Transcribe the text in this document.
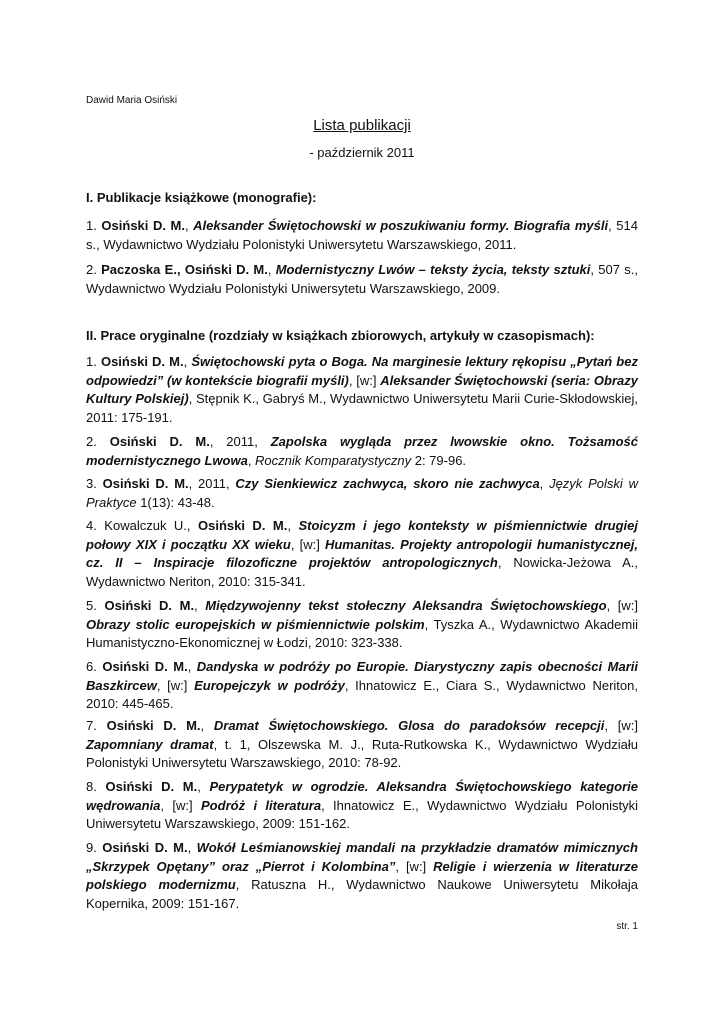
Dawid Maria Osiński
Lista publikacji
- październik 2011
I. Publikacje książkowe (monografie):

1. Osiński D. M., Aleksander Świętochowski w poszukiwaniu formy. Biografia myśli, 514 s., Wydawnictwo Wydziału Polonistyki Uniwersytetu Warszawskiego, 2011.

2. Paczoska E., Osiński D. M., Modernistyczny Lwów – teksty życia, teksty sztuki, 507 s., Wydawnictwo Wydziału Polonistyki Uniwersytetu Warszawskiego, 2009.

II. Prace oryginalne (rozdziały w książkach zbiorowych, artykuły w czasopismach):

1. Osiński D. M., Świętochowski pyta o Boga. Na marginesie lektury rękopisu „Pytań bez odpowiedzi” (w kontekście biografii myśli), [w:] Aleksander Świętochowski (seria: Obrazy Kultury Polskiej), Stępnik K., Gabryś M., Wydawnictwo Uniwersytetu Marii Curie-Skłodowskiej, 2011: 175-191.

2. Osiński D. M., 2011, Zapolska wygląda przez lwowskie okno. Tożsamość modernistycznego Lwowa, Rocznik Komparatystyczny 2: 79-96.

3. Osiński D. M., 2011, Czy Sienkiewicz zachwyca, skoro nie zachwyca, Język Polski w Praktyce 1(13): 43-48.

4. Kowalczuk U., Osiński D. M., Stoicyzm i jego konteksty w piśmiennictwie drugiej połowy XIX i początku XX wieku, [w:] Humanitas. Projekty antropologii humanistycznej, cz. II – Inspiracje filozoficzne projektów antropologicznych, Nowicka-Jeżowa A., Wydawnictwo Neriton, 2010: 315-341.

5. Osiński D. M., Międzywojenny tekst stołeczny Aleksandra Świętochowskiego, [w:] Obrazy stolic europejskich w piśmiennictwie polskim, Tyszka A., Wydawnictwo Akademii Humanistyczno-Ekonomicznej w Łodzi, 2010: 323-338.

6. Osiński D. M., Dandyska w podróży po Europie. Diarystyczny zapis obecności Marii Baszkircew, [w:] Europejczyk w podróży, Ihnatowicz E., Ciara S., Wydawnictwo Neriton, 2010: 445-465.

7. Osiński D. M., Dramat Świętochowskiego. Glosa do paradoksów recepcji, [w:] Zapomniany dramat, t. 1, Olszewska M. J., Ruta-Rutkowska K., Wydawnictwo Wydziału Polonistyki Uniwersytetu Warszawskiego, 2010: 78-92.

8. Osiński D. M., Perypatetyk w ogrodzie. Aleksandra Świętochowskiego kategorie wędrowania, [w:] Podróż i literatura, Ihnatowicz E., Wydawnictwo Wydziału Polonistyki Uniwersytetu Warszawskiego, 2009: 151-162.

9. Osiński D. M., Wokół Leśmianowskiej mandali na przykładzie dramatów mimicznych „Skrzypek Opętany” oraz „Pierrot i Kolombina”, [w:] Religie i wierzenia w literaturze polskiego modernizmu, Ratuszna H., Wydawnictwo Naukowe Uniwersytetu Mikołaja Kopernika, 2009: 151-167.

str. 1
